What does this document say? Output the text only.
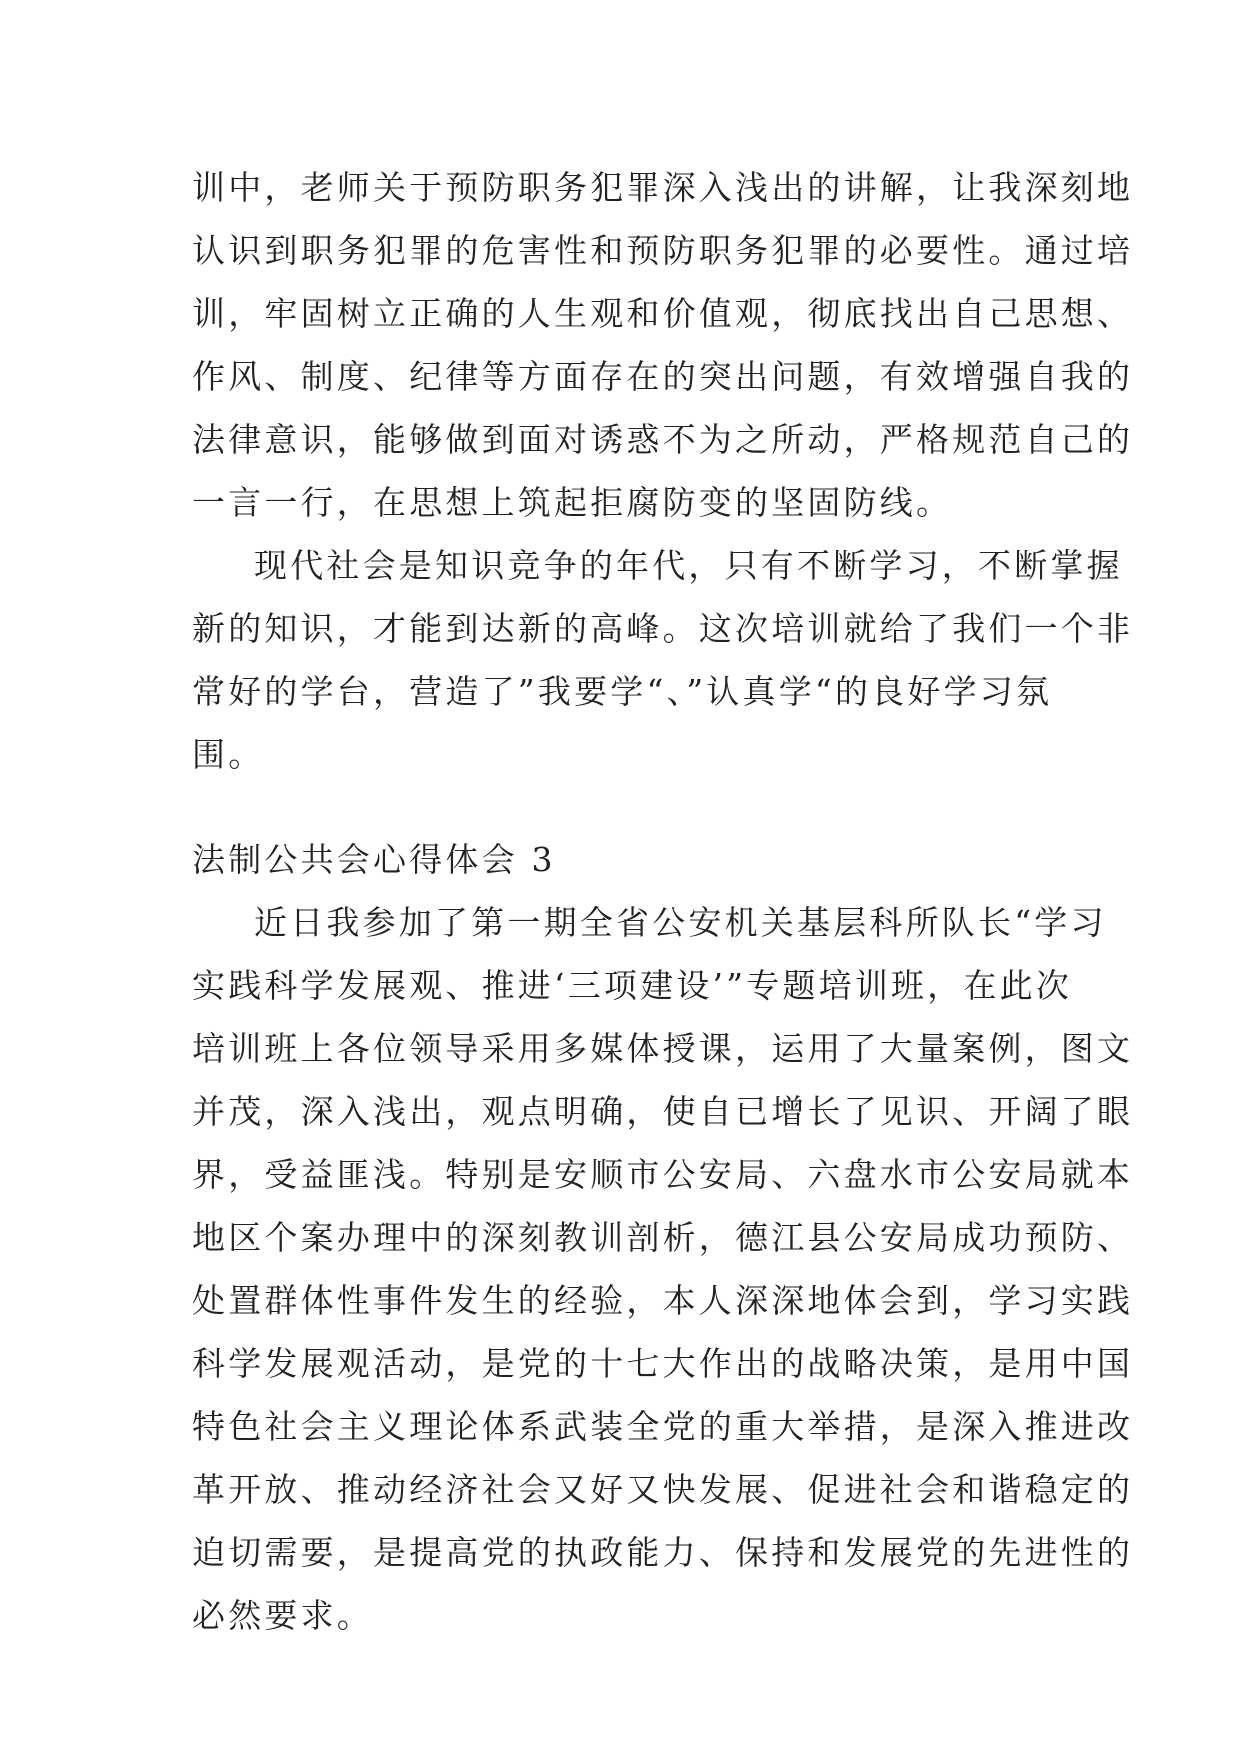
训中，老师关于预防职务犯罪深入浅出的讲解，让我深刻地
认识到职务犯罪的危害性和预防职务犯罪的必要性。通过培
训，牢固树立正确的人生观和价值观，彻底找出自己思想、
作风、制度、纪律等方面存在的突出问题，有效增强自我的
法律意识，能够做到面对诱惑不为之所动，严格规范自己的
一言一行，在思想上筑起拒腐防变的坚固防线。
现代社会是知识竞争的年代，只有不断学习，不断掌握
新的知识，才能到达新的高峰。这次培训就给了我们一个非
常好的学台，营造了”我要学“、”认真学“的良好学习氛
围。
法制公共会心得体会 3
近日我参加了第一期全省公安机关基层科所队长“学习
实践科学发展观、推进‘三项建设’”专题培训班，在此次
培训班上各位领导采用多媒体授课，运用了大量案例，图文
并茂，深入浅出，观点明确，使自已增长了见识、开阔了眼
界，受益匪浅。特别是安顺市公安局、六盘水市公安局就本
地区个案办理中的深刻教训剖析，德江县公安局成功预防、
处置群体性事件发生的经验，本人深深地体会到，学习实践
科学发展观活动，是党的十七大作出的战略决策，是用中国
特色社会主义理论体系武装全党的重大举措，是深入推进改
革开放、推动经济社会又好又快发展、促进社会和谐稳定的
迫切需要，是提高党的执政能力、保持和发展党的先进性的
必然要求。
